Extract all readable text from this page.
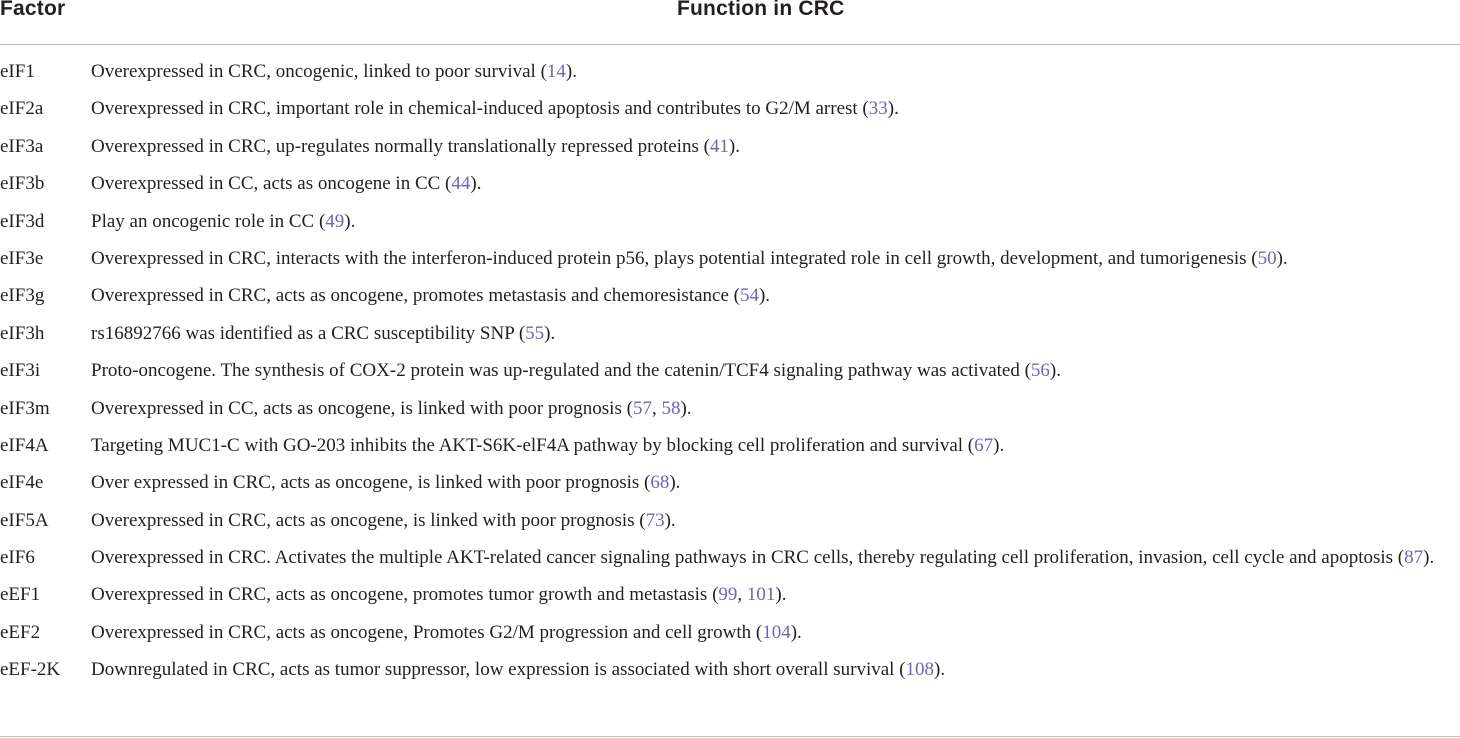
Factor	Function in CRC
eIF1	Overexpressed in CRC, oncogenic, linked to poor survival (14).
eIF2a	Overexpressed in CRC, important role in chemical-induced apoptosis and contributes to G2/M arrest (33).
eIF3a	Overexpressed in CRC, up-regulates normally translationally repressed proteins (41).
eIF3b Overexpressed in CC, acts as oncogene in CC (44).
eIF3d Play an oncogenic role in CC (49).
eIF3e	Overexpressed in CRC, interacts with the interferon-induced protein p56, plays potential integrated role in cell growth, development, and tumorigenesis (50).
eIF3g Overexpressed in CRC, acts as oncogene, promotes metastasis and chemoresistance (54).
eIF3h rs16892766 was identified as a CRC susceptibility SNP (55).
eIF3i	Proto-oncogene. The synthesis of COX-2 protein was up-regulated and the catenin/TCF4 signaling pathway was activated (56).
eIF3m Overexpressed in CC, acts as oncogene, is linked with poor prognosis (57, 58).
eIF4A Targeting MUC1-C with GO-203 inhibits the AKT-S6K-elF4A pathway by blocking cell proliferation and survival (67).
eIF4e	Over expressed in CRC, acts as oncogene, is linked with poor prognosis (68).
eIF5A Overexpressed in CRC, acts as oncogene, is linked with poor prognosis (73).
eIF6	Overexpressed in CRC. Activates the multiple AKT-related cancer signaling pathways in CRC cells, thereby regulating cell proliferation, invasion, cell cycle and apoptosis (87).
eEF1	Overexpressed in CRC, acts as oncogene, promotes tumor growth and metastasis (99, 101).
eEF2	Overexpressed in CRC, acts as oncogene, Promotes G2/M progression and cell growth (104).
eEF-2K Downregulated in CRC, acts as tumor suppressor, low expression is associated with short overall survival (108).
